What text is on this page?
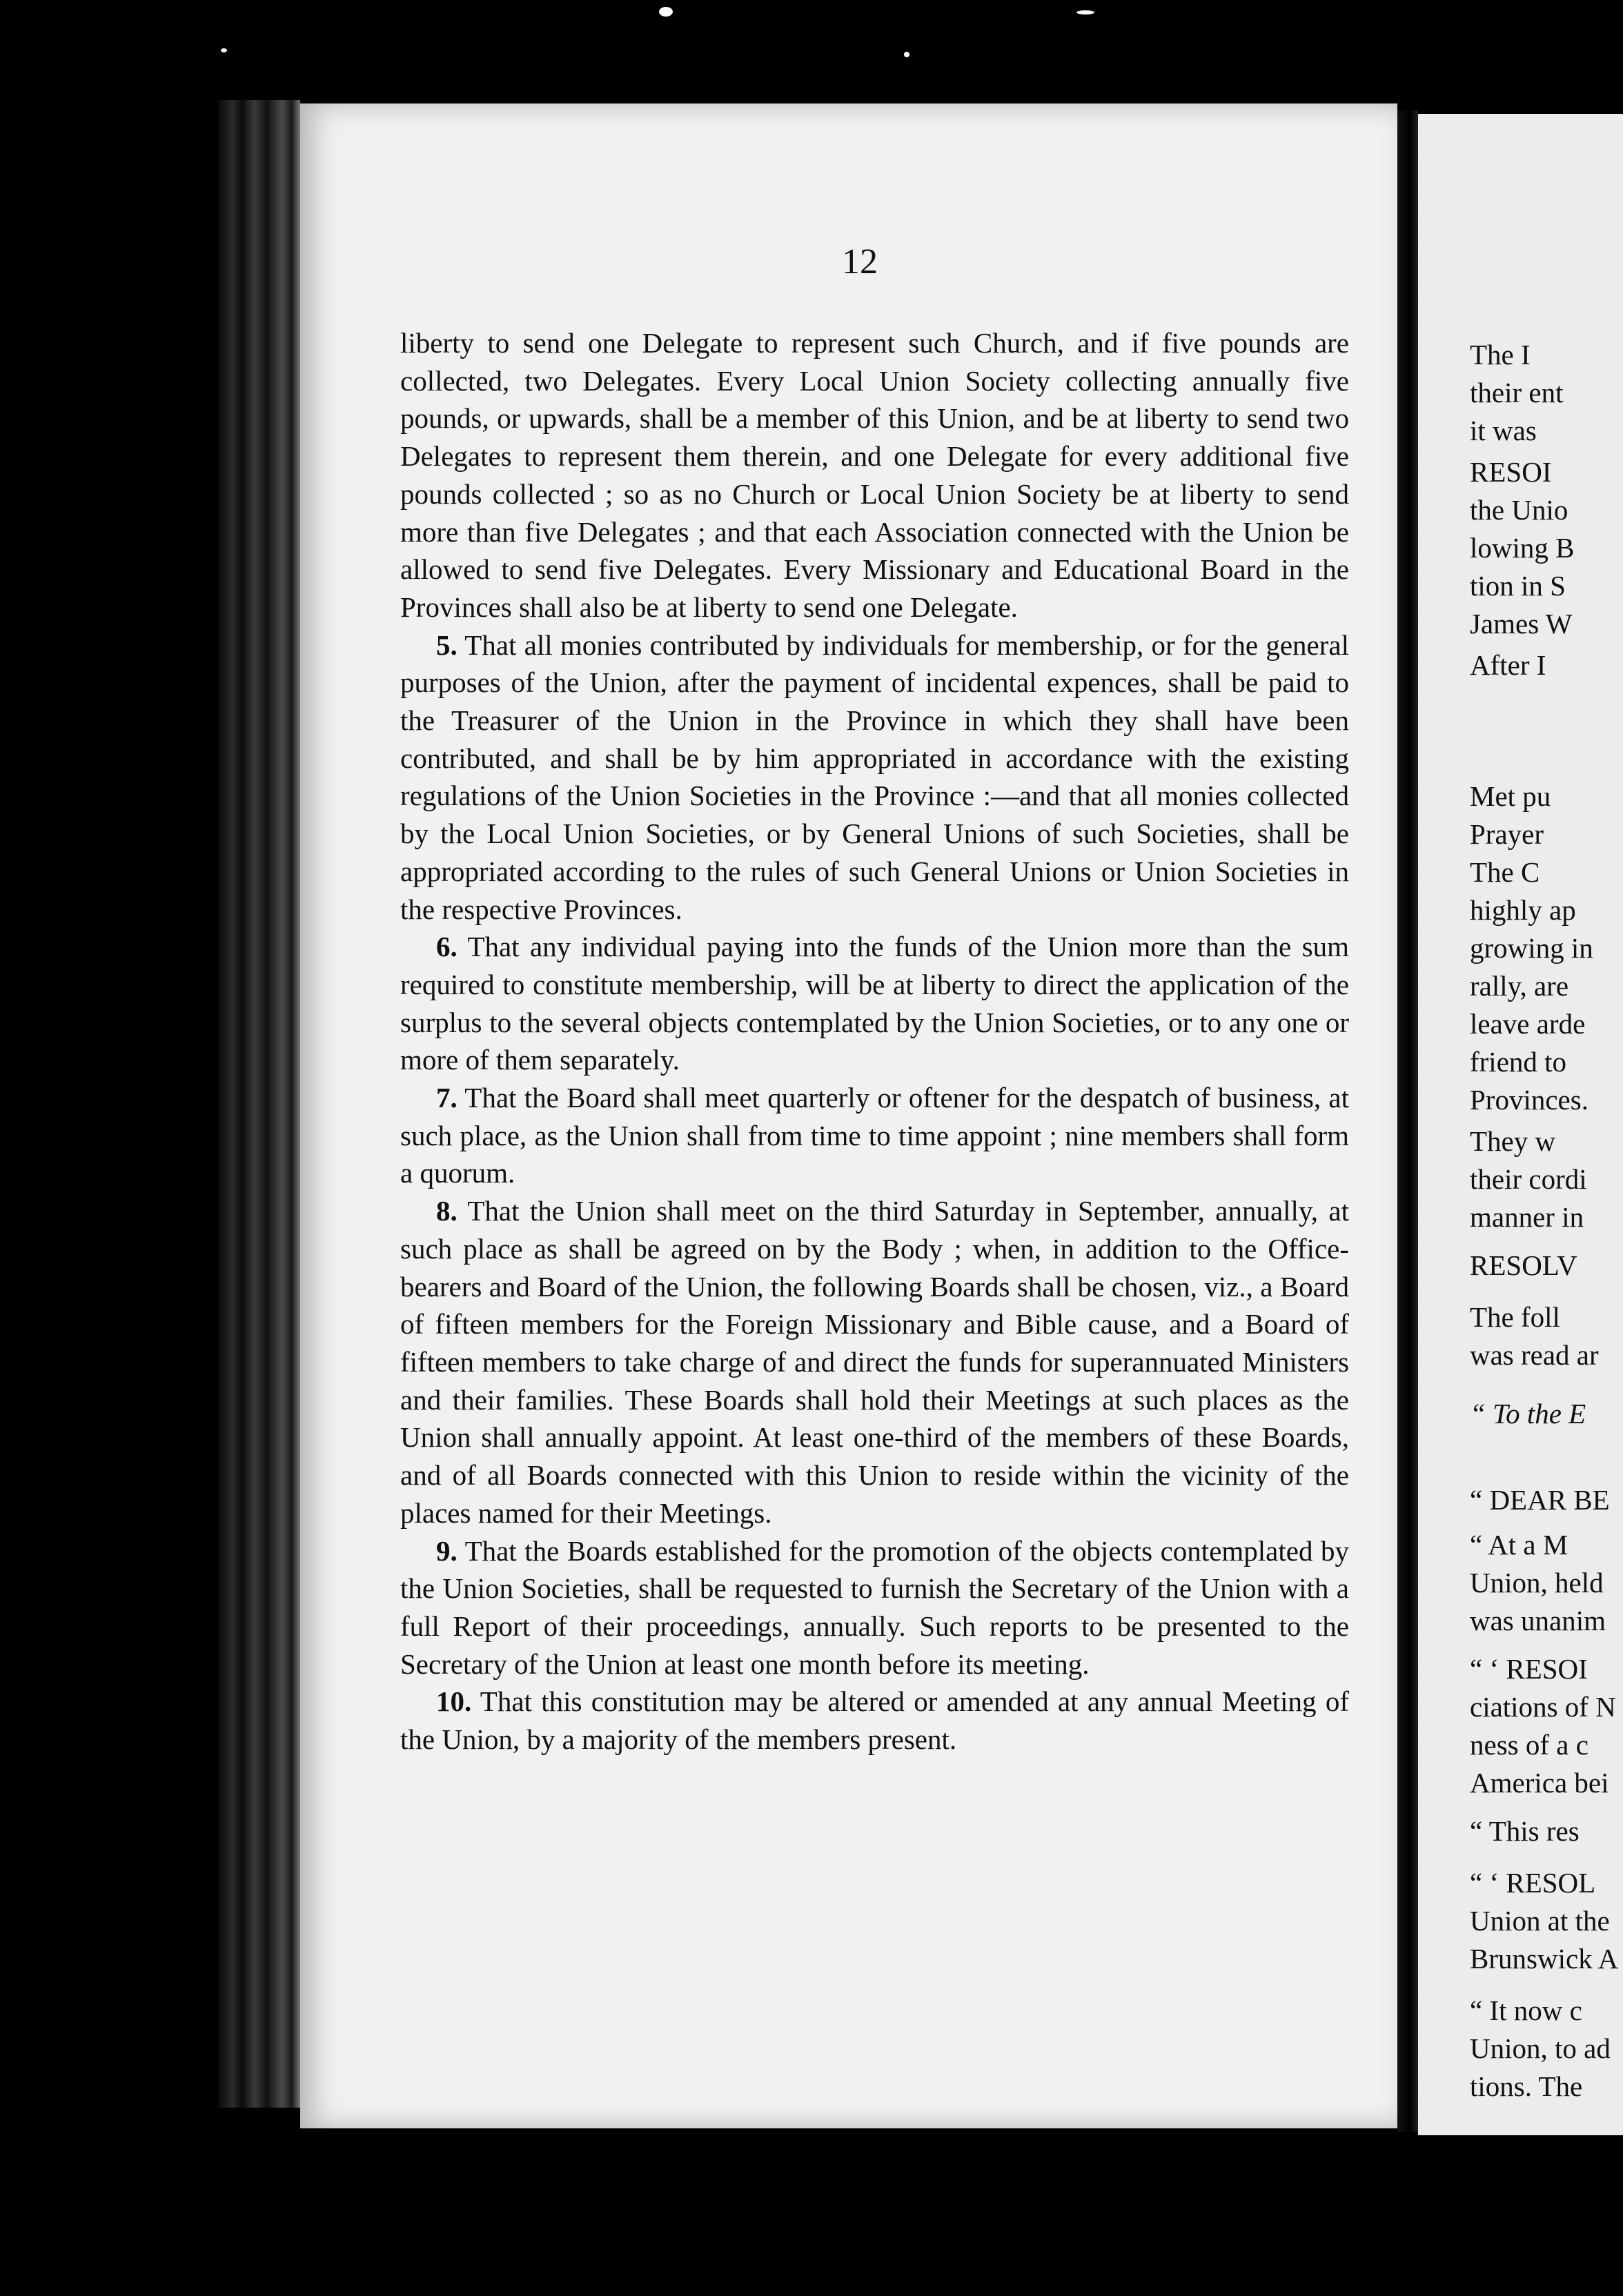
12

liberty to send one Delegate to represent such Church, and if five pounds are collected, two Delegates. Every Local Union Society collecting annually five pounds, or upwards, shall be a member of this Union, and be at liberty to send two Delegates to represent them therein, and one Delegate for every additional five pounds collected ; so as no Church or Local Union Society be at liberty to send more than five Delegates ; and that each Association connected with the Union be allowed to send five Delegates. Every Missionary and Educational Board in the Provinces shall also be at liberty to send one Delegate.

5. That all monies contributed by individuals for membership, or for the general purposes of the Union, after the payment of incidental expences, shall be paid to the Treasurer of the Union in the Province in which they shall have been contributed, and shall be by him appropriated in accordance with the existing regulations of the Union Societies in the Province :—and that all monies collected by the Local Union Societies, or by General Unions of such Societies, shall be appropriated according to the rules of such General Unions or Union Societies in the respective Provinces.

6. That any individual paying into the funds of the Union more than the sum required to constitute membership, will be at liberty to direct the application of the surplus to the several objects contemplated by the Union Societies, or to any one or more of them separately.

7. That the Board shall meet quarterly or oftener for the despatch of business, at such place, as the Union shall from time to time appoint ; nine members shall form a quorum.

8. That the Union shall meet on the third Saturday in September, annually, at such place as shall be agreed on by the Body ; when, in addition to the Office-bearers and Board of the Union, the following Boards shall be chosen, viz., a Board of fifteen members for the Foreign Missionary and Bible cause, and a Board of fifteen members to take charge of and direct the funds for superannuated Ministers and their families. These Boards shall hold their Meetings at such places as the Union shall annually appoint. At least one-third of the members of these Boards, and of all Boards connected with this Union to reside within the vicinity of the places named for their Meetings.

9. That the Boards established for the promotion of the objects contemplated by the Union Societies, shall be requested to furnish the Secretary of the Union with a full Report of their proceedings, annually. Such reports to be presented to the Secretary of the Union at least one month before its meeting.

10. That this constitution may be altered or amended at any annual Meeting of the Union, by a majority of the members present.

The I
their ent
it was
RESOI
the Unio
lowing B
tion in S
James W
After I
Met pu
Prayer
The C
highly ap
growing in
rally, are
leave arde
friend to
Provinces.
They w
their cordi
manner in
RESOLV
The foll
was read ar
“ To the E
“ DEAR BE
“ At a M
Union, held
was unanim
“ ‘ RESOI
ciations of N
ness of a c
America bei
“ This res
“ ‘ RESOL
Union at the
Brunswick A
“ It now c
Union, to ad
tions. The
